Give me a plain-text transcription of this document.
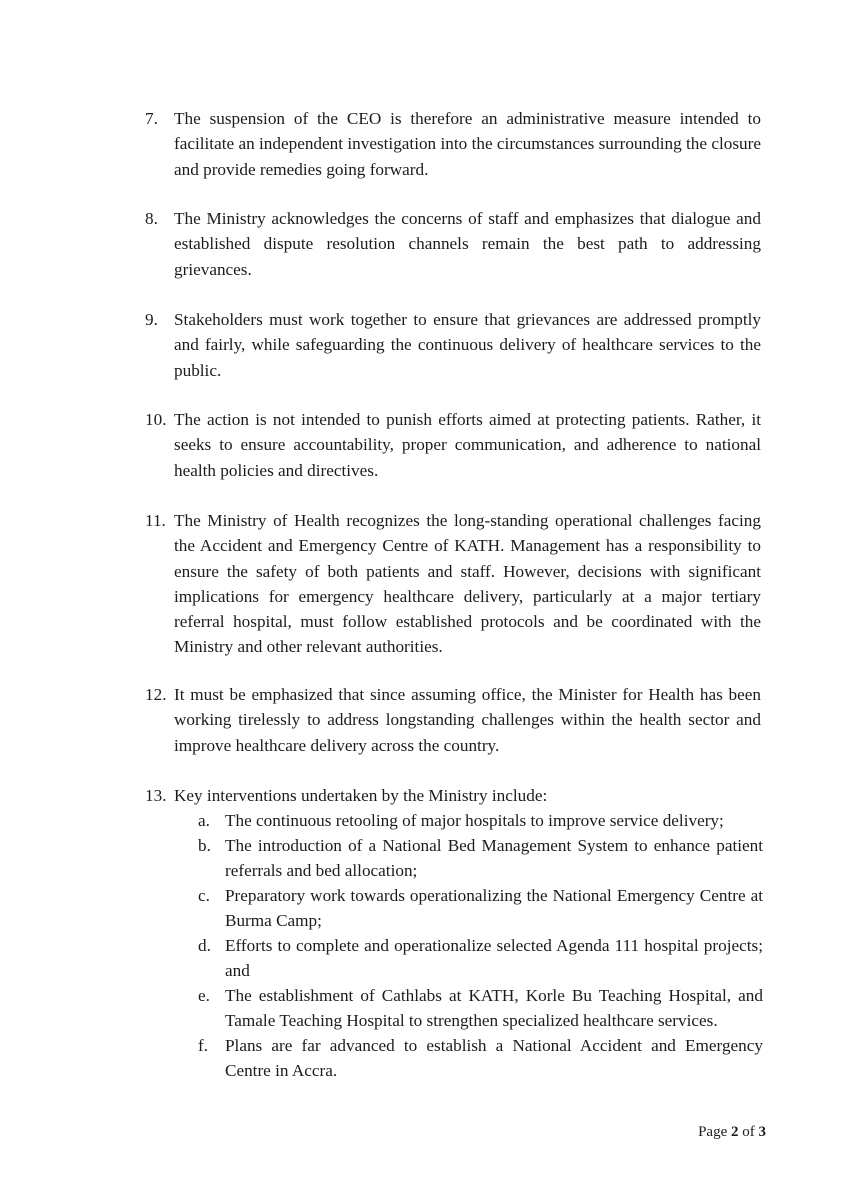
7. The suspension of the CEO is therefore an administrative measure intended to facilitate an independent investigation into the circumstances surrounding the closure and provide remedies going forward.
8. The Ministry acknowledges the concerns of staff and emphasizes that dialogue and established dispute resolution channels remain the best path to addressing grievances.
9. Stakeholders must work together to ensure that grievances are addressed promptly and fairly, while safeguarding the continuous delivery of healthcare services to the public.
10. The action is not intended to punish efforts aimed at protecting patients. Rather, it seeks to ensure accountability, proper communication, and adherence to national health policies and directives.
11. The Ministry of Health recognizes the long-standing operational challenges facing the Accident and Emergency Centre of KATH. Management has a responsibility to ensure the safety of both patients and staff. However, decisions with significant implications for emergency healthcare delivery, particularly at a major tertiary referral hospital, must follow established protocols and be coordinated with the Ministry and other relevant authorities.
12. It must be emphasized that since assuming office, the Minister for Health has been working tirelessly to address longstanding challenges within the health sector and improve healthcare delivery across the country.
13. Key interventions undertaken by the Ministry include:
a. The continuous retooling of major hospitals to improve service delivery;
b. The introduction of a National Bed Management System to enhance patient referrals and bed allocation;
c. Preparatory work towards operationalizing the National Emergency Centre at Burma Camp;
d. Efforts to complete and operationalize selected Agenda 111 hospital projects; and
e. The establishment of Cathlabs at KATH, Korle Bu Teaching Hospital, and Tamale Teaching Hospital to strengthen specialized healthcare services.
f. Plans are far advanced to establish a National Accident and Emergency Centre in Accra.
Page 2 of 3
